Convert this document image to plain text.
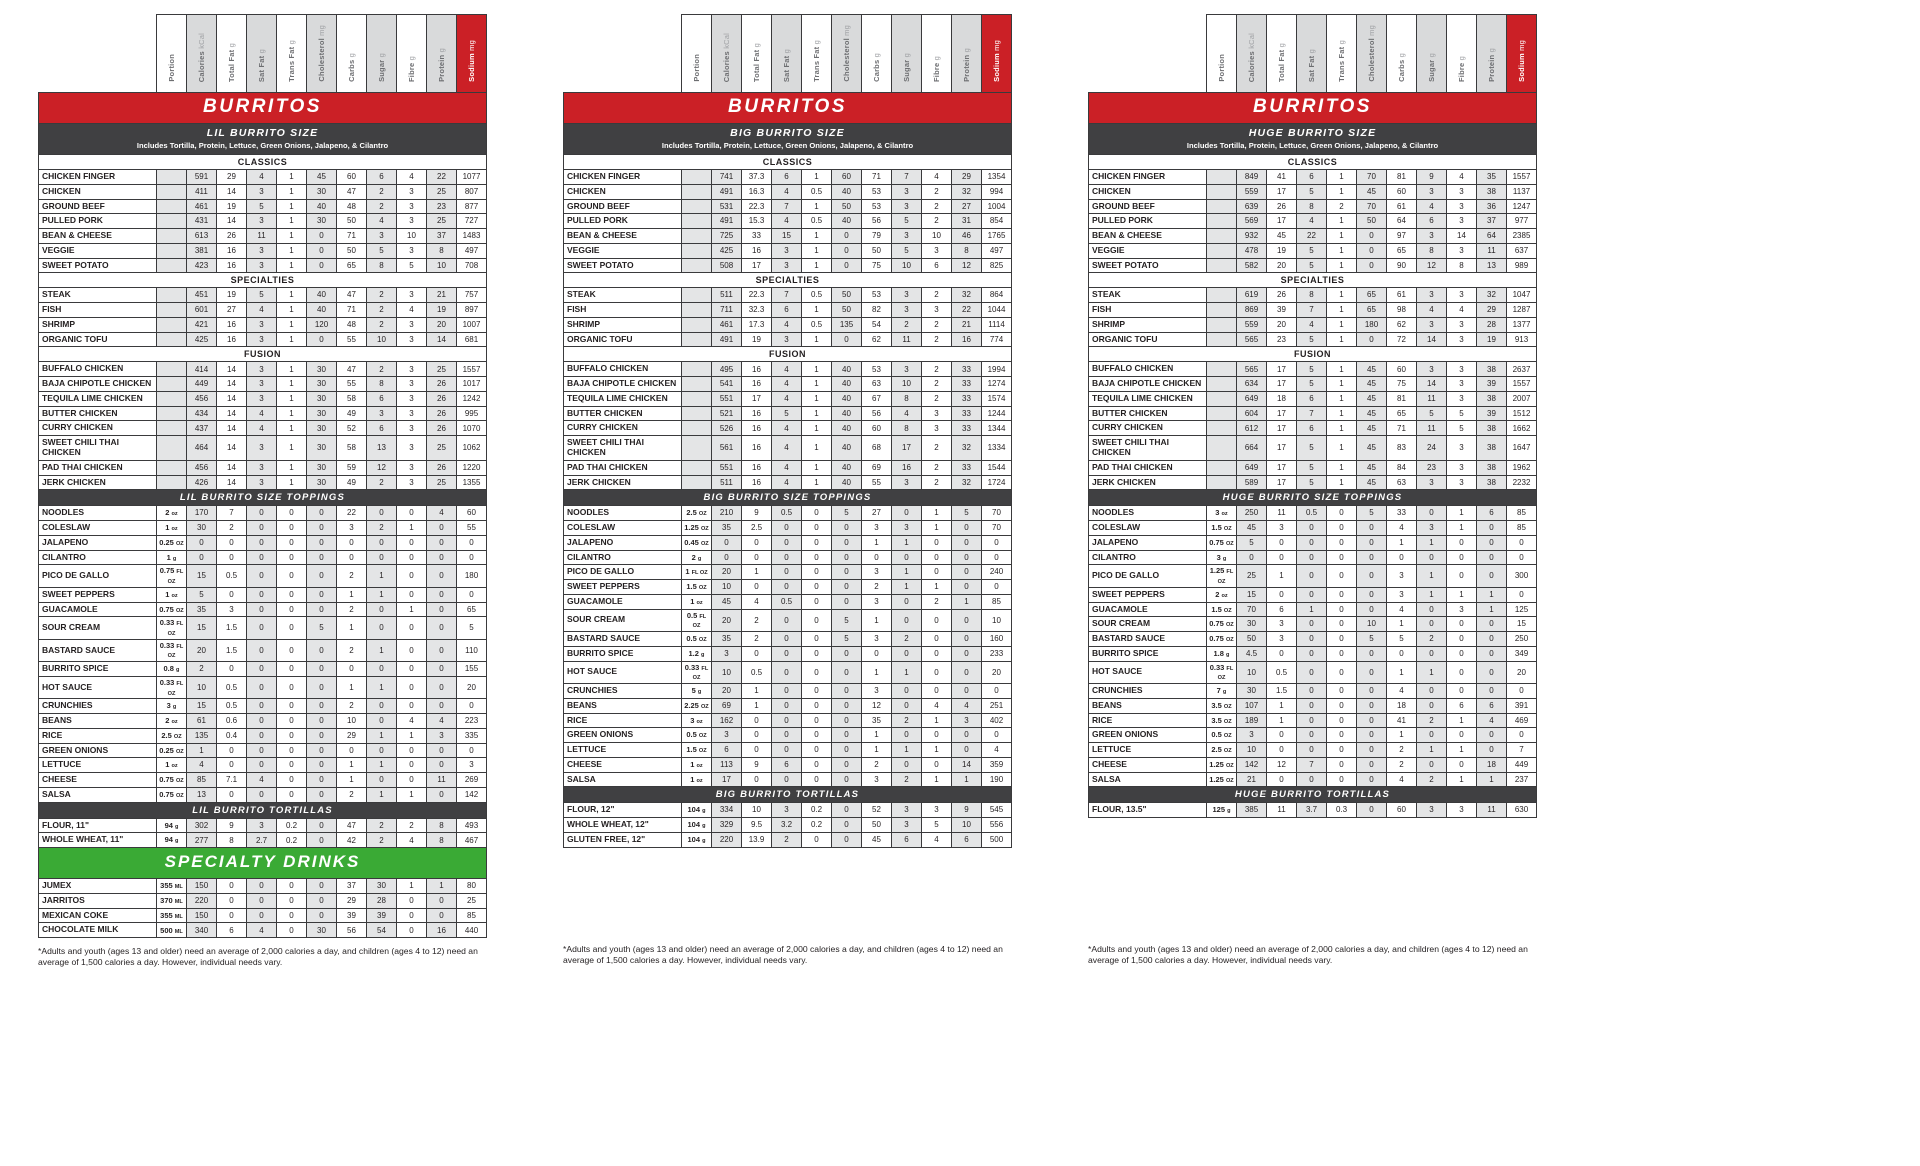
	Portion	Calories kCal	Total Fat g	Sat Fat g	Trans Fat g	Cholesterol mg	Carbs g	Sugar g	Fibre g	Protein g	Sodium mg
BURRITOS											

LIL BURRITO SIZE
Includes Tortilla, Protein, Lettuce, Green Onions, Jalapeno, & Cilantro											

CLASSICS											
CHICKEN FINGER		591	29	4	1	45	60	6	4	22	1077
CHICKEN		411	14	3	1	30	47	2	3	25	807
GROUND BEEF		461	19	5	1	40	48	2	3	23	877
PULLED PORK		431	14	3	1	30	50	4	3	25	727
BEAN & CHEESE		613	26	11	1	0	71	3	10	37	1483
VEGGIE		381	16	3	1	0	50	5	3	8	497
SWEET POTATO		423	16	3	1	0	65	8	5	10	708
SPECIALTIES											
STEAK		451	19	5	1	40	47	2	3	21	757
FISH		601	27	4	1	40	71	2	4	19	897
SHRIMP		421	16	3	1	120	48	2	3	20	1007
ORGANIC TOFU		425	16	3	1	0	55	10	3	14	681
FUSION											
BUFFALO CHICKEN		414	14	3	1	30	47	2	3	25	1557
BAJA CHIPOTLE CHICKEN		449	14	3	1	30	55	8	3	26	1017
TEQUILA LIME CHICKEN		456	14	3	1	30	58	6	3	26	1242
BUTTER CHICKEN		434	14	4	1	30	49	3	3	26	995
CURRY CHICKEN		437	14	4	1	30	52	6	3	26	1070
SWEET CHILI THAI CHICKEN		464	14	3	1	30	58	13	3	25	1062
PAD THAI CHICKEN		456	14	3	1	30	59	12	3	26	1220
JERK CHICKEN		426	14	3	1	30	49	2	3	25	1355
LIL BURRITO SIZE TOPPINGS											
NOODLES	2 oz	170	7	0	0	0	22	0	0	4	60
COLESLAW	1 oz	30	2	0	0	0	3	2	1	0	55
JALAPENO	0.25 OZ	0	0	0	0	0	0	0	0	0	0
CILANTRO	1 g	0	0	0	0	0	0	0	0	0	0
PICO DE GALLO	0.75 FL OZ	15	0.5	0	0	0	2	1	0	0	180
SWEET PEPPERS	1 oz	5	0	0	0	0	1	1	0	0	0
GUACAMOLE	0.75 OZ	35	3	0	0	0	2	0	1	0	65
SOUR CREAM	0.33 FL OZ	15	1.5	0	0	5	1	0	0	0	5
BASTARD SAUCE	0.33 FL OZ	20	1.5	0	0	0	2	1	0	0	110
BURRITO SPICE	0.8 g	2	0	0	0	0	0	0	0	0	155
HOT SAUCE	0.33 FL OZ	10	0.5	0	0	0	1	1	0	0	20
CRUNCHIES	3 g	15	0.5	0	0	0	2	0	0	0	0
BEANS	2 oz	61	0.6	0	0	0	10	0	4	4	223
RICE	2.5 OZ	135	0.4	0	0	0	29	1	1	3	335
GREEN ONIONS	0.25 OZ	1	0	0	0	0	0	0	0	0	0
LETTUCE	1 oz	4	0	0	0	0	1	1	0	0	3
CHEESE	0.75 OZ	85	7.1	4	0	0	1	0	0	11	269
SALSA	0.75 OZ	13	0	0	0	0	2	1	1	0	142
LIL BURRITO TORTILLAS											
FLOUR, 11"	94 g	302	9	3	0.2	0	47	2	2	8	493
WHOLE WHEAT, 11"	94 g	277	8	2.7	0.2	0	42	2	4	8	467
SPECIALTY DRINKS											
JUMEX	355 ML	150	0	0	0	0	37	30	1	1	80
JARRITOS	370 ML	220	0	0	0	0	29	28	0	0	25
MEXICAN COKE	355 ML	150	0	0	0	0	39	39	0	0	85
CHOCOLATE MILK	500 ML	340	6	4	0	30	56	54	0	16	440

*Adults and youth (ages 13 and older) need an average of 2,000 calories a day, and children (ages 4 to 12) need an average of 1,500 calories a day. However, individual needs vary.

	Portion	Calories kCal	Total Fat g	Sat Fat g	Trans Fat g	Cholesterol mg	Carbs g	Sugar g	Fibre g	Protein g	Sodium mg
BURRITOS											

BIG BURRITO SIZE
Includes Tortilla, Protein, Lettuce, Green Onions, Jalapeno, & Cilantro											

CLASSICS											
CHICKEN FINGER		741	37.3	6	1	60	71	7	4	29	1354
CHICKEN		491	16.3	4	0.5	40	53	3	2	32	994
GROUND BEEF		531	22.3	7	1	50	53	3	2	27	1004
PULLED PORK		491	15.3	4	0.5	40	56	5	2	31	854
BEAN & CHEESE		725	33	15	1	0	79	3	10	46	1765
VEGGIE		425	16	3	1	0	50	5	3	8	497
SWEET POTATO		508	17	3	1	0	75	10	6	12	825
SPECIALTIES											
STEAK		511	22.3	7	0.5	50	53	3	2	32	864
FISH		711	32.3	6	1	50	82	3	3	22	1044
SHRIMP		461	17.3	4	0.5	135	54	2	2	21	1114
ORGANIC TOFU		491	19	3	1	0	62	11	2	16	774
FUSION											
BUFFALO CHICKEN		495	16	4	1	40	53	3	2	33	1994
BAJA CHIPOTLE CHICKEN		541	16	4	1	40	63	10	2	33	1274
TEQUILA LIME CHICKEN		551	17	4	1	40	67	8	2	33	1574
BUTTER CHICKEN		521	16	5	1	40	56	4	3	33	1244
CURRY CHICKEN		526	16	4	1	40	60	8	3	33	1344
SWEET CHILI THAI CHICKEN		561	16	4	1	40	68	17	2	32	1334
PAD THAI CHICKEN		551	16	4	1	40	69	16	2	33	1544
JERK CHICKEN		511	16	4	1	40	55	3	2	32	1724
BIG BURRITO SIZE TOPPINGS											
NOODLES	2.5 OZ	210	9	0.5	0	5	27	0	1	5	70
COLESLAW	1.25 OZ	35	2.5	0	0	0	3	3	1	0	70
JALAPENO	0.45 OZ	0	0	0	0	0	1	1	0	0	0
CILANTRO	2 g	0	0	0	0	0	0	0	0	0	0
PICO DE GALLO	1 FL OZ	20	1	0	0	0	3	1	0	0	240
SWEET PEPPERS	1.5 OZ	10	0	0	0	0	2	1	1	0	0
GUACAMOLE	1 oz	45	4	0.5	0	0	3	0	2	1	85
SOUR CREAM	0.5 FL OZ	20	2	0	0	5	1	0	0	0	10
BASTARD SAUCE	0.5 OZ	35	2	0	0	5	3	2	0	0	160
BURRITO SPICE	1.2 g	3	0	0	0	0	0	0	0	0	233
HOT SAUCE	0.33 FL OZ	10	0.5	0	0	0	1	1	0	0	20
CRUNCHIES	5 g	20	1	0	0	0	3	0	0	0	0
BEANS	2.25 OZ	69	1	0	0	0	12	0	4	4	251
RICE	3 oz	162	0	0	0	0	35	2	1	3	402
GREEN ONIONS	0.5 OZ	3	0	0	0	0	1	0	0	0	0
LETTUCE	1.5 OZ	6	0	0	0	0	1	1	1	0	4
CHEESE	1 oz	113	9	6	0	0	2	0	0	14	359
SALSA	1 oz	17	0	0	0	0	3	2	1	1	190
BIG BURRITO TORTILLAS											
FLOUR, 12"	104 g	334	10	3	0.2	0	52	3	3	9	545
WHOLE WHEAT, 12"	104 g	329	9.5	3.2	0.2	0	50	3	5	10	556
GLUTEN FREE, 12"	104 g	220	13.9	2	0	0	45	6	4	6	500

*Adults and youth (ages 13 and older) need an average of 2,000 calories a day, and children (ages 4 to 12) need an average of 1,500 calories a day. However, individual needs vary.

	Portion	Calories kCal	Total Fat g	Sat Fat g	Trans Fat g	Cholesterol mg	Carbs g	Sugar g	Fibre g	Protein g	Sodium mg
BURRITOS											

HUGE BURRITO SIZE
Includes Tortilla, Protein, Lettuce, Green Onions, Jalapeno, & Cilantro											

CLASSICS											
CHICKEN FINGER		849	41	6	1	70	81	9	4	35	1557
CHICKEN		559	17	5	1	45	60	3	3	38	1137
GROUND BEEF		639	26	8	2	70	61	4	3	36	1247
PULLED PORK		569	17	4	1	50	64	6	3	37	977
BEAN & CHEESE		932	45	22	1	0	97	3	14	64	2385
VEGGIE		478	19	5	1	0	65	8	3	11	637
SWEET POTATO		582	20	5	1	0	90	12	8	13	989
SPECIALTIES											
STEAK		619	26	8	1	65	61	3	3	32	1047
FISH		869	39	7	1	65	98	4	4	29	1287
SHRIMP		559	20	4	1	180	62	3	3	28	1377
ORGANIC TOFU		565	23	5	1	0	72	14	3	19	913
FUSION											
BUFFALO CHICKEN		565	17	5	1	45	60	3	3	38	2637
BAJA CHIPOTLE CHICKEN		634	17	5	1	45	75	14	3	39	1557
TEQUILA LIME CHICKEN		649	18	6	1	45	81	11	3	38	2007
BUTTER CHICKEN		604	17	7	1	45	65	5	5	39	1512
CURRY CHICKEN		612	17	6	1	45	71	11	5	38	1662
SWEET CHILI THAI CHICKEN		664	17	5	1	45	83	24	3	38	1647
PAD THAI CHICKEN		649	17	5	1	45	84	23	3	38	1962
JERK CHICKEN		589	17	5	1	45	63	3	3	38	2232
HUGE BURRITO SIZE TOPPINGS											
NOODLES	3 oz	250	11	0.5	0	5	33	0	1	6	85
COLESLAW	1.5 OZ	45	3	0	0	0	4	3	1	0	85
JALAPENO	0.75 OZ	5	0	0	0	0	1	1	0	0	0
CILANTRO	3 g	0	0	0	0	0	0	0	0	0	0
PICO DE GALLO	1.25 FL OZ	25	1	0	0	0	3	1	0	0	300
SWEET PEPPERS	2 oz	15	0	0	0	0	3	1	1	1	0
GUACAMOLE	1.5 OZ	70	6	1	0	0	4	0	3	1	125
SOUR CREAM	0.75 OZ	30	3	0	0	10	1	0	0	0	15
BASTARD SAUCE	0.75 OZ	50	3	0	0	5	5	2	0	0	250
BURRITO SPICE	1.8 g	4.5	0	0	0	0	0	0	0	0	349
HOT SAUCE	0.33 FL OZ	10	0.5	0	0	0	1	1	0	0	20
CRUNCHIES	7 g	30	1.5	0	0	0	4	0	0	0	0
BEANS	3.5 OZ	107	1	0	0	0	18	0	6	6	391
RICE	3.5 OZ	189	1	0	0	0	41	2	1	4	469
GREEN ONIONS	0.5 OZ	3	0	0	0	0	1	0	0	0	0
LETTUCE	2.5 OZ	10	0	0	0	0	2	1	1	0	7
CHEESE	1.25 OZ	142	12	7	0	0	2	0	0	18	449
SALSA	1.25 OZ	21	0	0	0	0	4	2	1	1	237
HUGE BURRITO TORTILLAS											
FLOUR, 13.5"	125 g	385	11	3.7	0.3	0	60	3	3	11	630

*Adults and youth (ages 13 and older) need an average of 2,000 calories a day, and children (ages 4 to 12) need an average of 1,500 calories a day. However, individual needs vary.
